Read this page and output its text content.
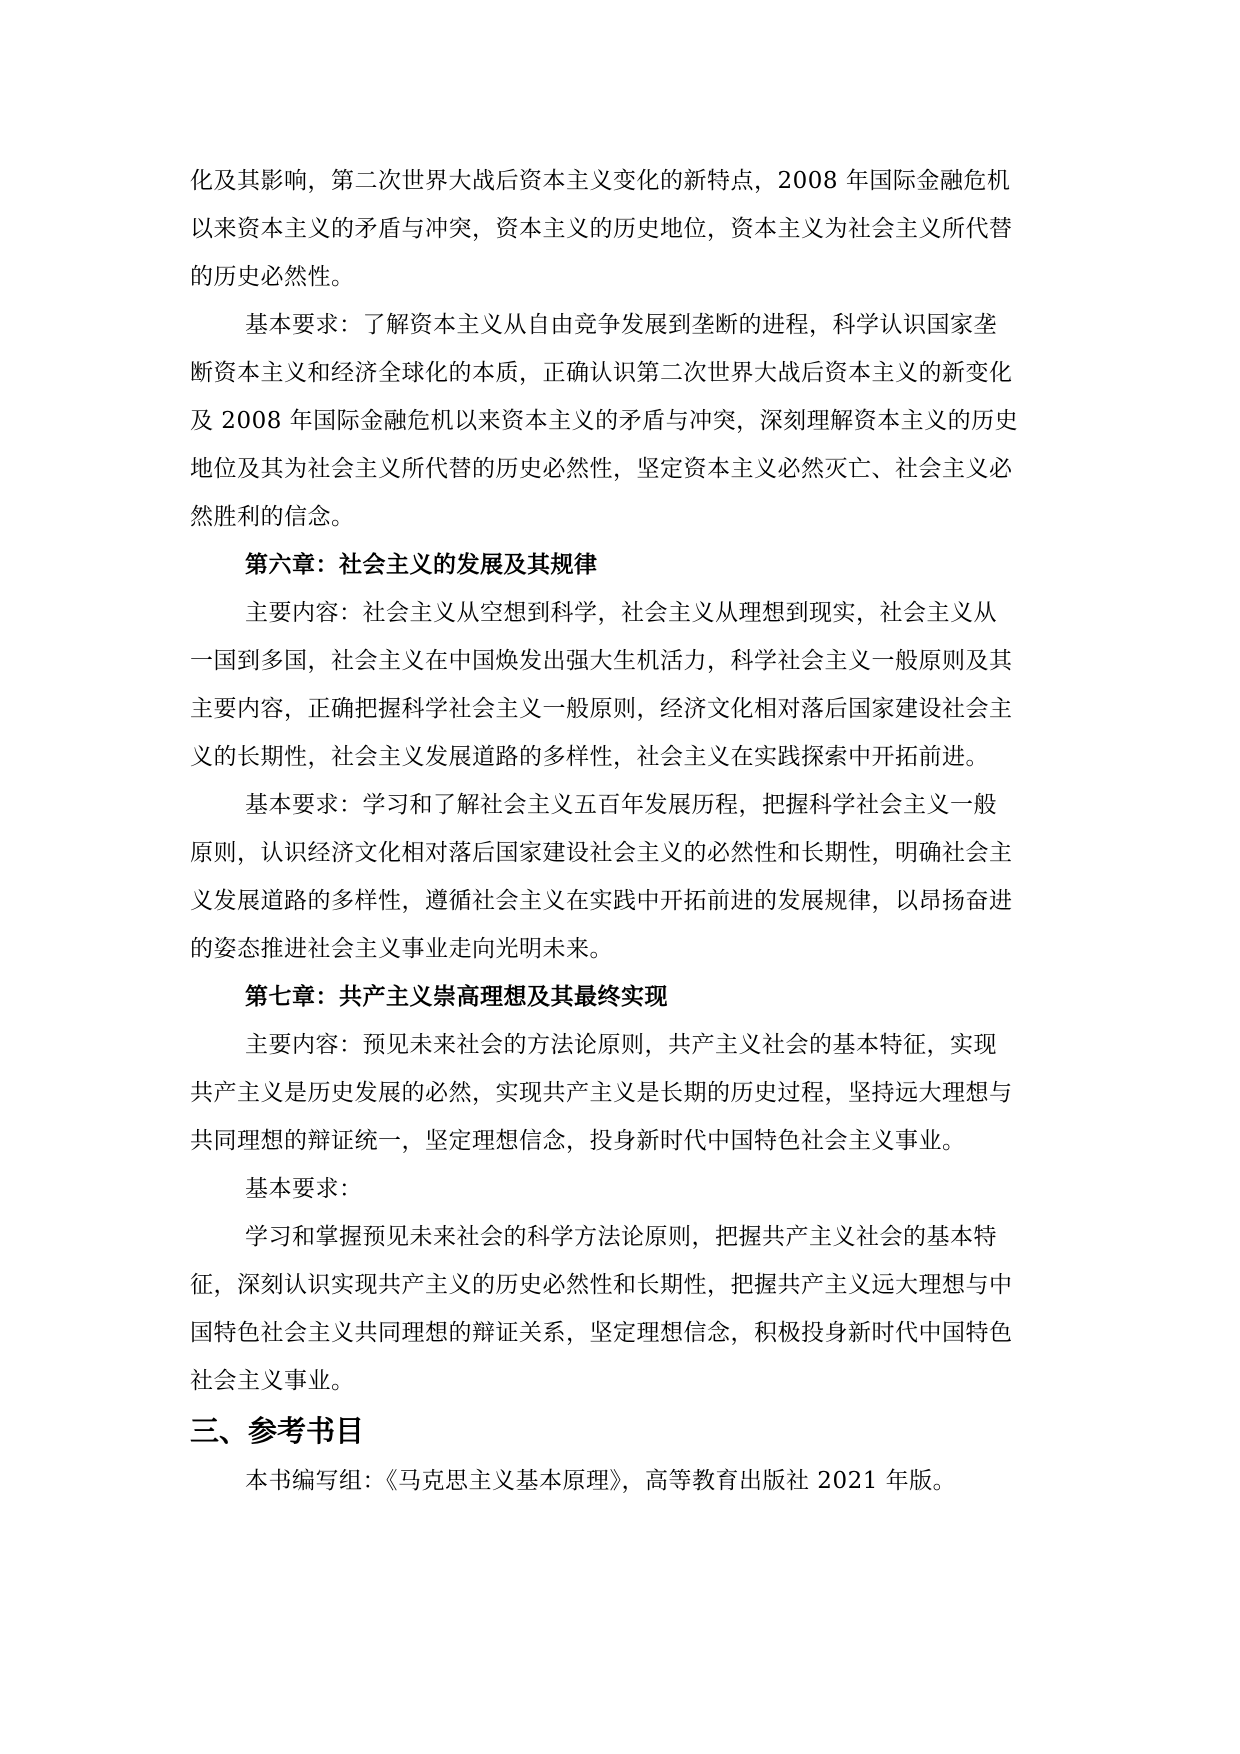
化及其影响，第二次世界大战后资本主义变化的新特点，2008 年国际金融危机

以来资本主义的矛盾与冲突，资本主义的历史地位，资本主义为社会主义所代替

的历史必然性。

基本要求：了解资本主义从自由竞争发展到垄断的进程，科学认识国家垄

断资本主义和经济全球化的本质，正确认识第二次世界大战后资本主义的新变化

及 2008 年国际金融危机以来资本主义的矛盾与冲突，深刻理解资本主义的历史

地位及其为社会主义所代替的历史必然性，坚定资本主义必然灭亡、社会主义必

然胜利的信念。

第六章：社会主义的发展及其规律

主要内容：社会主义从空想到科学，社会主义从理想到现实，社会主义从

一国到多国，社会主义在中国焕发出强大生机活力，科学社会主义一般原则及其

主要内容，正确把握科学社会主义一般原则，经济文化相对落后国家建设社会主

义的长期性，社会主义发展道路的多样性，社会主义在实践探索中开拓前进。

基本要求：学习和了解社会主义五百年发展历程，把握科学社会主义一般

原则，认识经济文化相对落后国家建设社会主义的必然性和长期性，明确社会主

义发展道路的多样性，遵循社会主义在实践中开拓前进的发展规律，以昂扬奋进

的姿态推进社会主义事业走向光明未来。

第七章：共产主义崇高理想及其最终实现

主要内容：预见未来社会的方法论原则，共产主义社会的基本特征，实现

共产主义是历史发展的必然，实现共产主义是长期的历史过程，坚持远大理想与

共同理想的辩证统一，坚定理想信念，投身新时代中国特色社会主义事业。

基本要求：

学习和掌握预见未来社会的科学方法论原则，把握共产主义社会的基本特

征，深刻认识实现共产主义的历史必然性和长期性，把握共产主义远大理想与中

国特色社会主义共同理想的辩证关系，坚定理想信念，积极投身新时代中国特色

社会主义事业。

三、参考书目

本书编写组：《马克思主义基本原理》，高等教育出版社 2021 年版。
